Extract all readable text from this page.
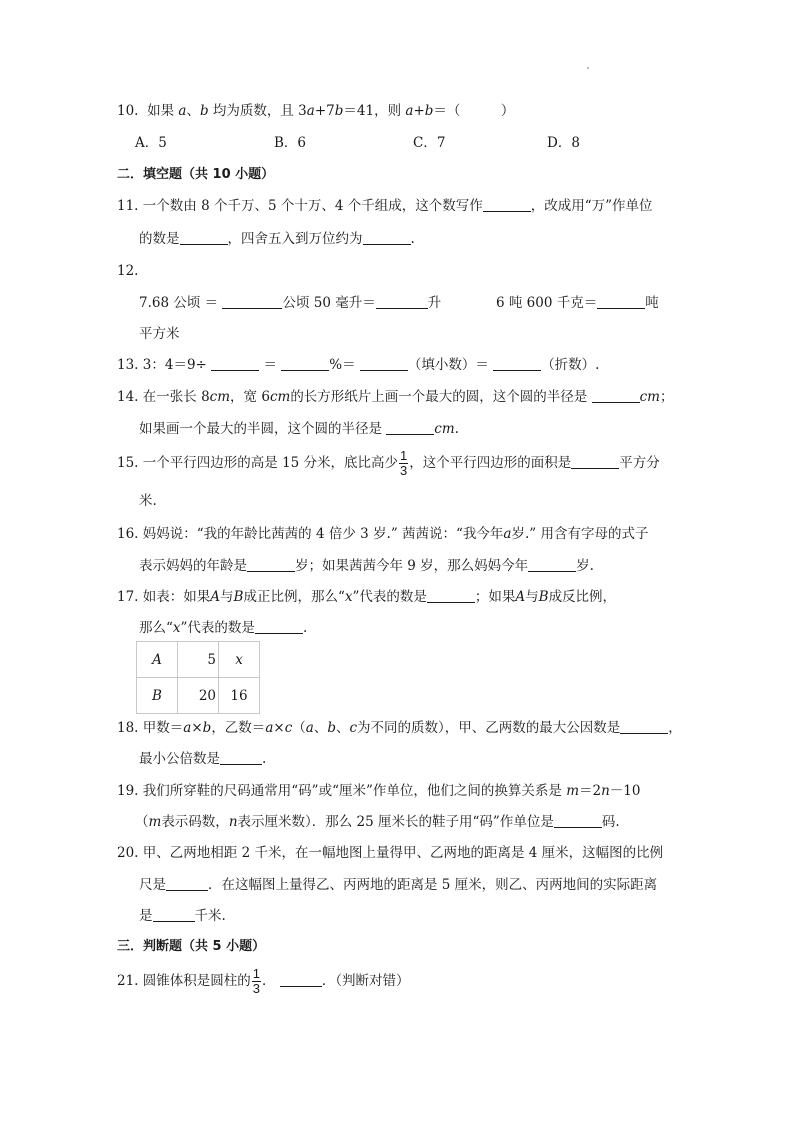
10. 如果 a、b 均为质数，且 3a+7b＝41，则 a+b＝（　　　）
A．5	B．6	C．7	D．8
二．填空题（共 10 小题）
11. 一个数由 8 个千万、5 个十万、4 个千组成，这个数写作	，改成用“万”作单位
的数是	，四舍五入到万位约为	.
12.
7.68 公顷 ＝	公顷 50 毫升＝	升	6 吨 600 千克＝	吨
平方米
13. 3：4＝9÷	＝	%＝	（填小数）＝	（折数）.
14. 在一张长 8cm，宽 6cm的长方形纸片上画一个最大的圆，这个圆的半径是	cm；
如果画一个最大的半圆，这个圆的半径是	cm.
15. 一个平行四边形的高是 15 分米，底比高少 $\frac{1}{3}$ ，这个平行四边形的面积是	平方分
米.
16. 妈妈说：“我的年龄比茜茜的 4 倍少 3 岁.” 茜茜说：“我今年a岁.” 用含有字母的式子
表示妈妈的年龄是	岁；如果茜茜今年 9 岁，那么妈妈今年	岁.
17. 如表：如果A与B成正比例，那么“x”代表的数是	；如果A与B成反比例，
那么“x”代表的数是	.
A	5	x
B	20	16
18. 甲数＝a×b，乙数＝a×c（a、b、c为不同的质数），甲、乙两数的最大公因数是	，
最小公倍数是	.
19. 我们所穿鞋的尺码通常用“码”或“厘米”作单位，他们之间的换算关系是 m＝2n－10
（m表示码数，n表示厘米数）．那么 25 厘米长的鞋子用“码”作单位是	码.
20. 甲、乙两地相距 2 千米，在一幅地图上量得甲、乙两地的距离是 4 厘米，这幅图的比例
尺是	．在这幅图上量得乙、丙两地的距离是 5 厘米，则乙、丙两地间的实际距离
是	千米.
三．判断题（共 5 小题）
21. 圆锥体积是圆柱的 $\frac{1}{3}$ ．	．（判断对错）
